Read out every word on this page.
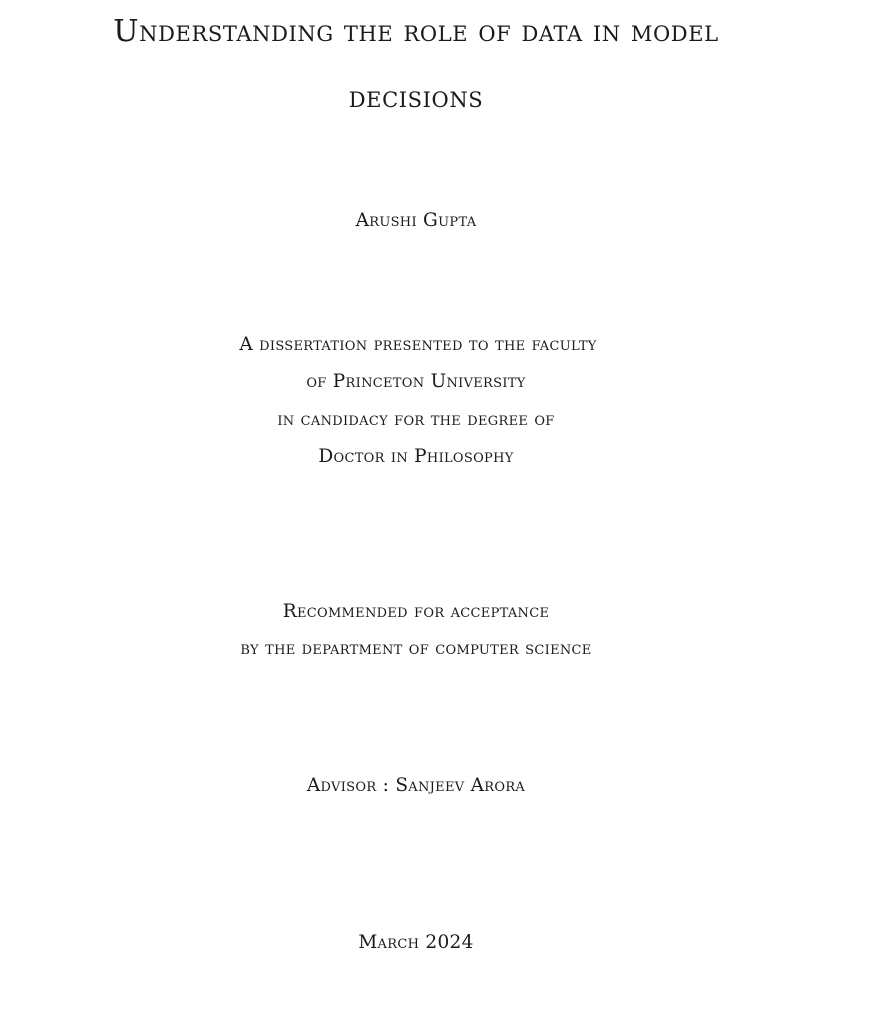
Understanding the role of data in model
decisions
Arushi Gupta
A dissertation presented to the faculty
of Princeton University
in candidacy for the degree of
Doctor in Philosophy
Recommended for acceptance
by the department of computer science
Advisor : Sanjeev Arora
March 2024
